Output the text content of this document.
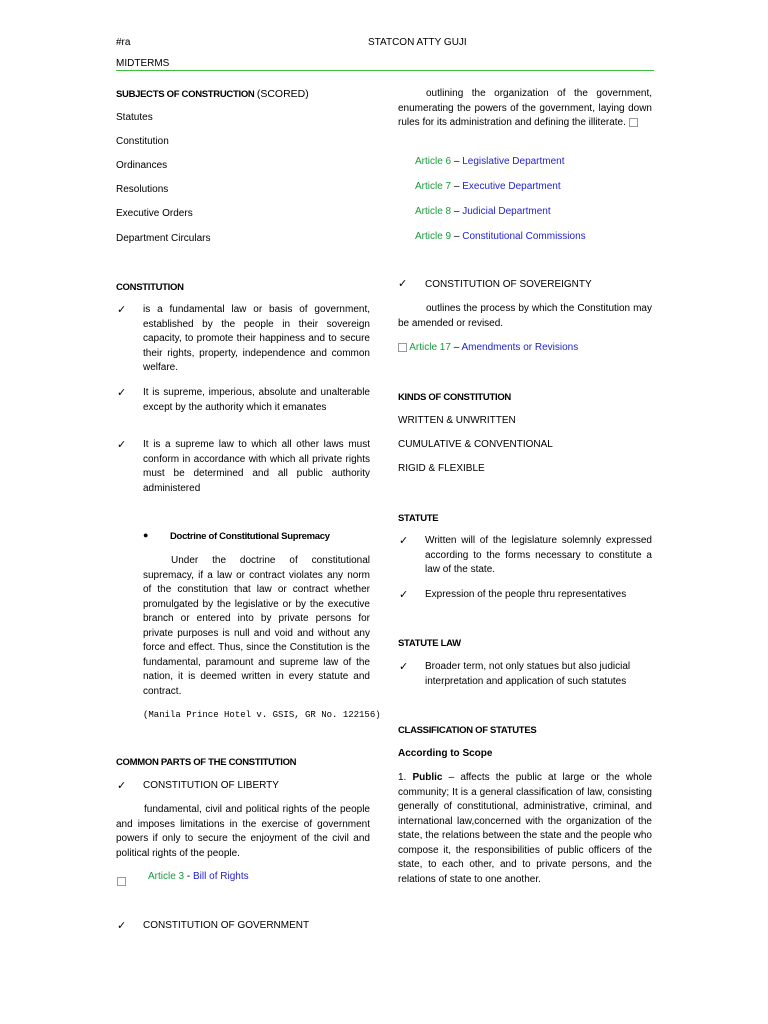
#ra	STATCON ATTY GUJI
MIDTERMS
SUBJECTS OF CONSTRUCTION (SCORED)
Statutes
Constitution
Ordinances
Resolutions
Executive Orders
Department Circulars
CONSTITUTION
✓ is a fundamental law or basis of government, established by the people in their sovereign capacity, to promote their happiness and to secure their rights, property, independence and common welfare.
✓ It is supreme, imperious, absolute and unalterable except by the authority which it emanates
✓ It is a supreme law to which all other laws must conform in accordance with which all private rights must be determined and all public authority administered
● Doctrine of Constitutional Supremacy
Under the doctrine of constitutional supremacy, if a law or contract violates any norm of the constitution that law or contract whether promulgated by the legislative or by the executive branch or entered into by private persons for private purposes is null and void and without any force and effect. Thus, since the Constitution is the fundamental, paramount and supreme law of the nation, it is deemed written in every statute and contract.
(Manila Prince Hotel v. GSIS, GR No. 122156)
COMMON PARTS OF THE CONSTITUTION
✓ CONSTITUTION OF LIBERTY
fundamental, civil and political rights of the people and imposes limitations in the exercise of government powers if only to secure the enjoyment of the civil and political rights of the people.
Article 3 - Bill of Rights
✓ CONSTITUTION OF GOVERNMENT
outlining the organization of the government, enumerating the powers of the government, laying down rules for its administration and defining the illiterate.
Article 6 – Legislative Department
Article 7 – Executive Department
Article 8 – Judicial Department
Article 9 – Constitutional Commissions
✓ CONSTITUTION OF SOVEREIGNTY
outlines the process by which the Constitution may be amended or revised.
Article 17 – Amendments or Revisions
KINDS OF CONSTITUTION
WRITTEN & UNWRITTEN
CUMULATIVE & CONVENTIONAL
RIGID & FLEXIBLE
STATUTE
✓ Written will of the legislature solemnly expressed according to the forms necessary to constitute a law of the state.
✓ Expression of the people thru representatives
STATUTE LAW
✓ Broader term, not only statues but also judicial interpretation and application of such statutes
CLASSIFICATION OF STATUTES
According to Scope
1. Public – affects the public at large or the whole community; It is a general classification of law, consisting generally of constitutional, administrative, criminal, and international law,concerned with the organization of the state, the relations between the state and the people who compose it, the responsibilities of public officers of the state, to each other, and to private persons, and the relations of state to one another.
